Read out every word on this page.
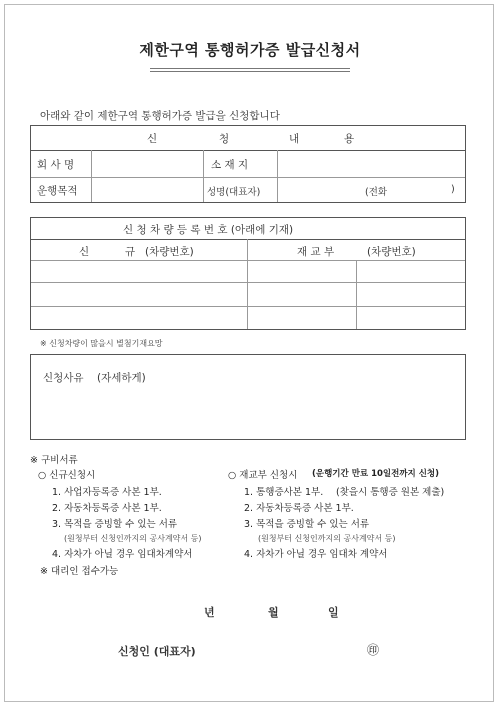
제한구역 통행허가증 발급신청서
아래와 같이 제한구역 통행허가증 발급을 신청합니다
신	청	내	용
회 사 명	소 재 지
운행목적	성명(대표자)	(전화	)
신 청 차 량 등 록 번 호 (아래에 기재)
신	규 (차량번호)	재 교 부	(차량번호)
※ 신청차량이 많을시 별첨기재요망
신청사유 (자세하게)
※ 구비서류
○ 신규신청시
1. 사업자등록증 사본 1부.
2. 자동차등록증 사본 1부.
3. 목적을 증빙할 수 있는 서류
(원청부터 신청인까지의 공사계약서 등)
4. 자차가 아닐 경우 임대차계약서
※ 대리인 접수가능
○ 재교부 신청시 (운행기간 만료 10일전까지 신청)
1. 통행증사본 1부. (찾을시 통행증 원본 제출)
2. 자동차등록증 사본 1부.
3. 목적을 증빙할 수 있는 서류
(원청부터 신청인까지의 공사계약서 등)
4. 자차가 아닐 경우 임대차 계약서
년	월	일
신청인 (대표자)	㊞
